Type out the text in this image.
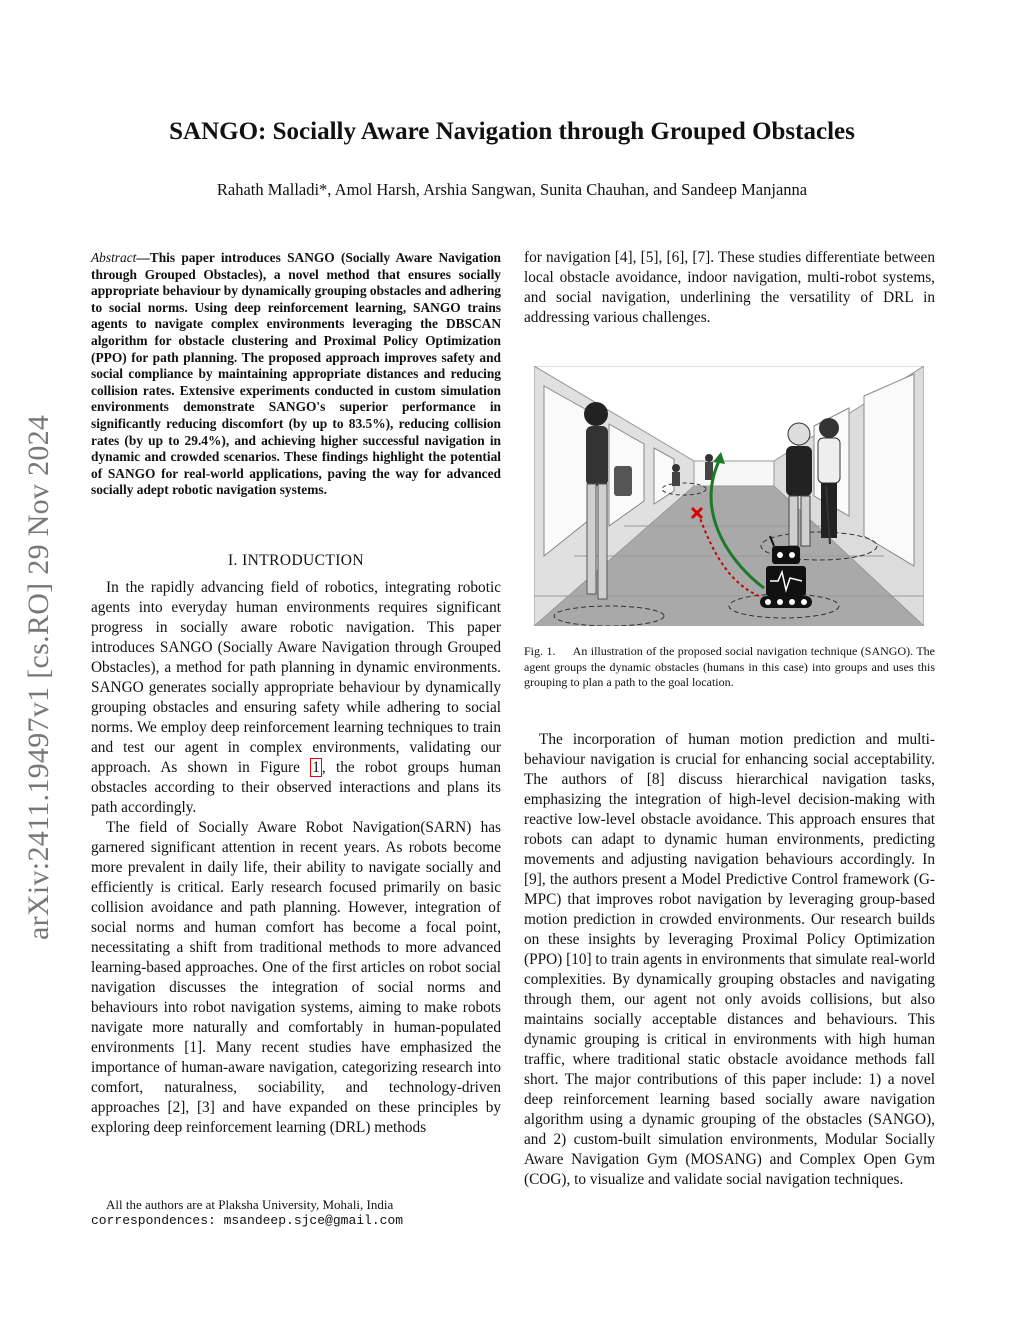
arXiv:2411.19497v1 [cs.RO] 29 Nov 2024
SANGO: Socially Aware Navigation through Grouped Obstacles
Rahath Malladi*, Amol Harsh, Arshia Sangwan, Sunita Chauhan, and Sandeep Manjanna
Abstract—This paper introduces SANGO (Socially Aware Navigation through Grouped Obstacles), a novel method that ensures socially appropriate behaviour by dynamically grouping obstacles and adhering to social norms. Using deep reinforcement learning, SANGO trains agents to navigate complex environments leveraging the DBSCAN algorithm for obstacle clustering and Proximal Policy Optimization (PPO) for path planning. The proposed approach improves safety and social compliance by maintaining appropriate distances and reducing collision rates. Extensive experiments conducted in custom simulation environments demonstrate SANGO's superior performance in significantly reducing discomfort (by up to 83.5%), reducing collision rates (by up to 29.4%), and achieving higher successful navigation in dynamic and crowded scenarios. These findings highlight the potential of SANGO for real-world applications, paving the way for advanced socially adept robotic navigation systems.
I. INTRODUCTION

In the rapidly advancing field of robotics, integrating robotic agents into everyday human environments requires significant progress in socially aware robotic navigation. This paper introduces SANGO (Socially Aware Navigation through Grouped Obstacles), a method for path planning in dynamic environments. SANGO generates socially appropriate behaviour by dynamically grouping obstacles and ensuring safety while adhering to social norms. We employ deep reinforcement learning techniques to train and test our agent in complex environments, validating our approach. As shown in Figure 1 , the robot groups human obstacles according to their observed interactions and plans its path accordingly.

The field of Socially Aware Robot Navigation(SARN) has garnered significant attention in recent years. As robots become more prevalent in daily life, their ability to navigate socially and efficiently is critical. Early research focused primarily on basic collision avoidance and path planning. However, integration of social norms and human comfort has become a focal point, necessitating a shift from traditional methods to more advanced learning-based approaches. One of the first articles on robot social navigation discusses the integration of social norms and behaviours into robot navigation systems, aiming to make robots navigate more naturally and comfortably in human-populated environments [1]. Many recent studies have emphasized the importance of human-aware navigation, categorizing research into comfort, naturalness, sociability, and technology-driven approaches [2], [3] and have expanded on these principles by exploring deep reinforcement learning (DRL) methods

All the authors are at Plaksha University, Mohali, India
correspondences: msandeep.sjce@gmail.com

for navigation [4], [5], [6], [7]. These studies differentiate between local obstacle avoidance, indoor navigation, multi-robot systems, and social navigation, underlining the versatility of DRL in addressing various challenges.

Fig. 1. An illustration of the proposed social navigation technique (SANGO). The agent groups the dynamic obstacles (humans in this case) into groups and uses this grouping to plan a path to the goal location.

The incorporation of human motion prediction and multi-behaviour navigation is crucial for enhancing social acceptability. The authors of [8] discuss hierarchical navigation tasks, emphasizing the integration of high-level decision-making with reactive low-level obstacle avoidance. This approach ensures that robots can adapt to dynamic human environments, predicting movements and adjusting navigation behaviours accordingly. In [9], the authors present a Model Predictive Control framework (G-MPC) that improves robot navigation by leveraging group-based motion prediction in crowded environments. Our research builds on these insights by leveraging Proximal Policy Optimization (PPO) [10] to train agents in environments that simulate real-world complexities. By dynamically grouping obstacles and navigating through them, our agent not only avoids collisions, but also maintains socially acceptable distances and behaviours. This dynamic grouping is critical in environments with high human traffic, where traditional static obstacle avoidance methods fall short. The major contributions of this paper include: 1) a novel deep reinforcement learning based socially aware navigation algorithm using a dynamic grouping of the obstacles (SANGO), and 2) custom-built simulation environments, Modular Socially Aware Navigation Gym (MOSANG) and Complex Open Gym (COG), to visualize and validate social navigation techniques.
